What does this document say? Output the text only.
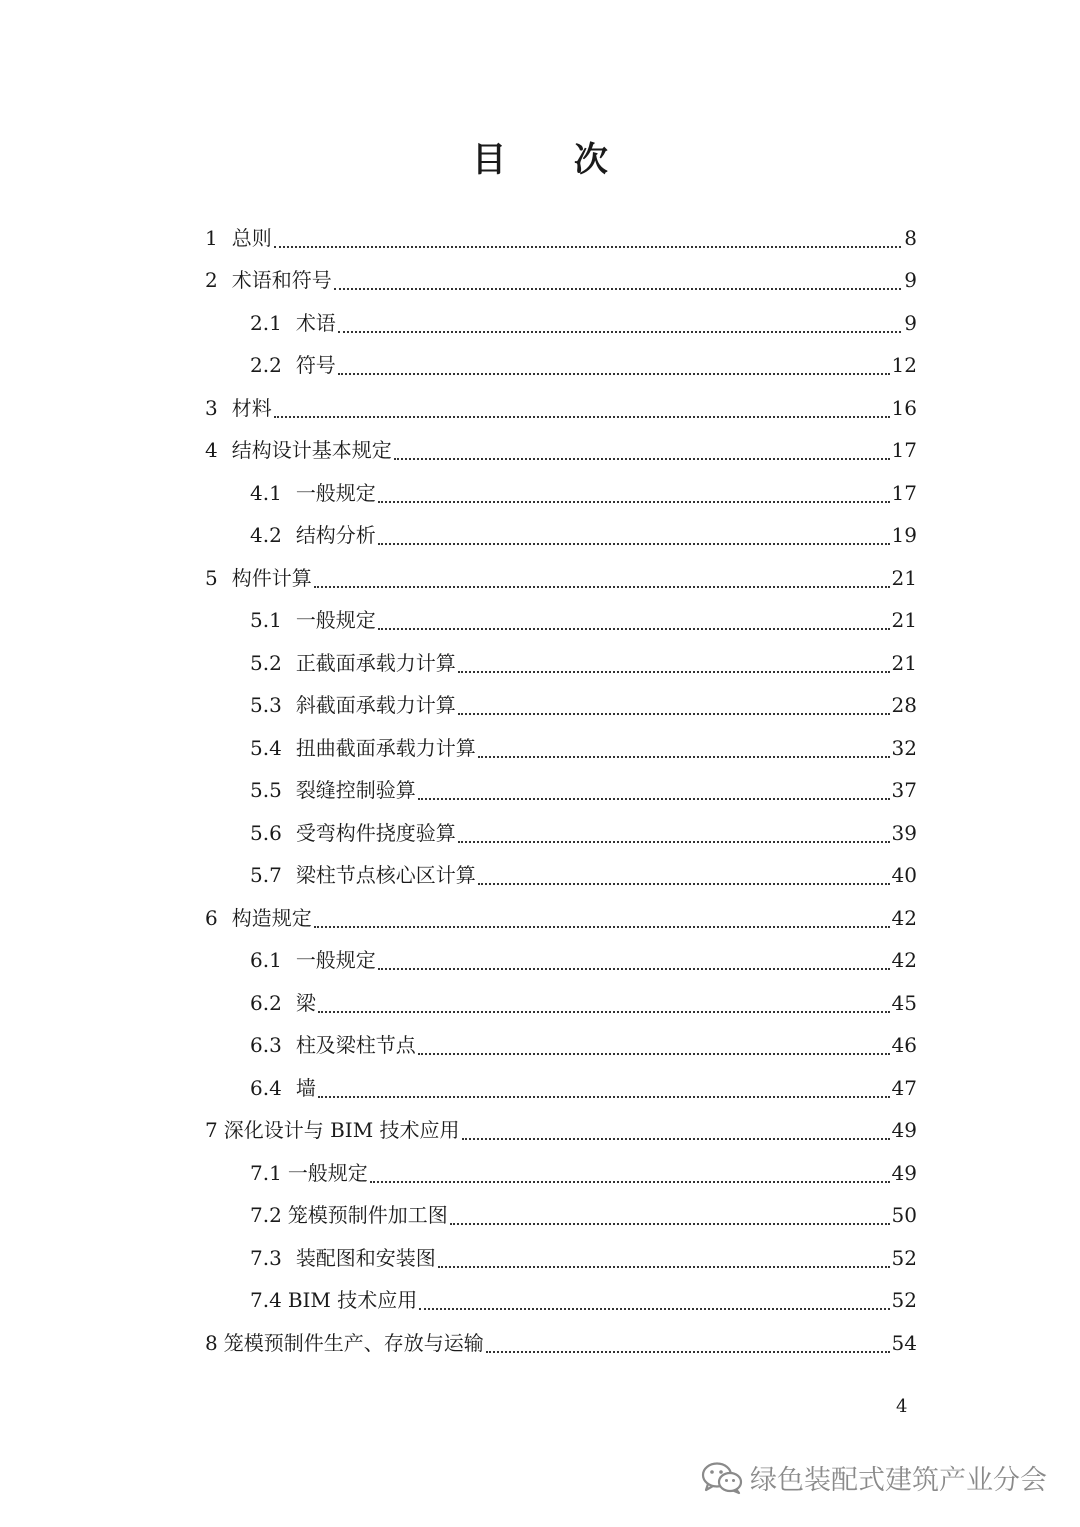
目 次
1 总则	8
2 术语和符号	9
2.1 术语	9
2.2 符号	12
3 材料	16
4 结构设计基本规定	17
4.1 一般规定	17
4.2 结构分析	19
5 构件计算	21
5.1 一般规定	21
5.2 正截面承载力计算	21
5.3 斜截面承载力计算	28
5.4 扭曲截面承载力计算	32
5.5 裂缝控制验算	37
5.6 受弯构件挠度验算	39
5.7 梁柱节点核心区计算	40
6 构造规定	42
6.1 一般规定	42
6.2 梁	45
6.3 柱及梁柱节点	46
6.4 墙	47
7 深化设计与 BIM 技术应用	49
7.1 一般规定	49
7.2 笼模预制件加工图	50
7.3 装配图和安装图	52
7.4 BIM 技术应用	52
8 笼模预制件生产、存放与运输	54
4
绿色装配式建筑产业分会
